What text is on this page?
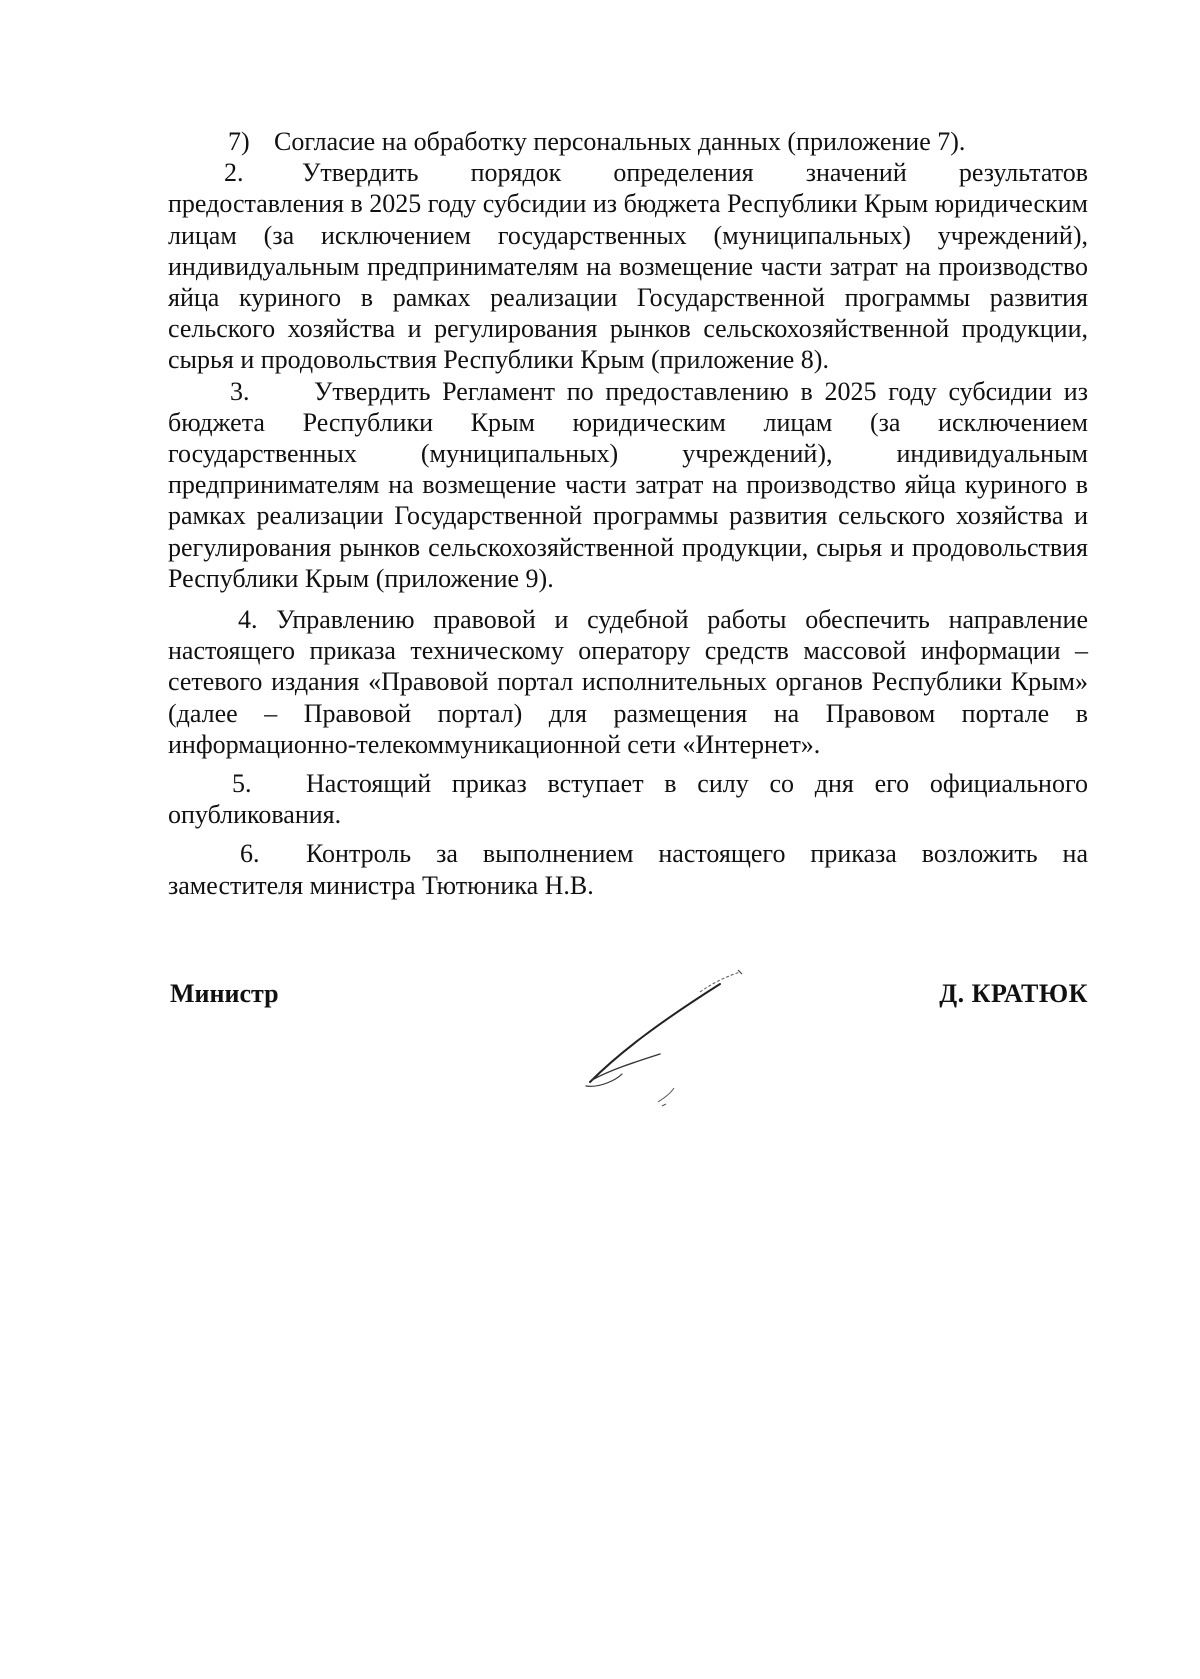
7) Согласие на обработку персональных данных (приложение 7).

2. Утвердить порядок определения значений результатов предоставления в 2025 году субсидии из бюджета Республики Крым юридическим лицам (за исключением государственных (муниципальных) учреждений), индивидуальным предпринимателям на возмещение части затрат на производство яйца куриного в рамках реализации Государственной программы развития сельского хозяйства и регулирования рынков сельскохозяйственной продукции, сырья и продовольствия Республики Крым (приложение 8).

3. Утвердить Регламент по предоставлению в 2025 году субсидии из бюджета Республики Крым юридическим лицам (за исключением государственных (муниципальных) учреждений), индивидуальным предпринимателям на возмещение части затрат на производство яйца куриного в рамках реализации Государственной программы развития сельского хозяйства и регулирования рынков сельскохозяйственной продукции, сырья и продовольствия Республики Крым (приложение 9).

4. Управлению правовой и судебной работы обеспечить направление настоящего приказа техническому оператору средств массовой информации – сетевого издания «Правовой портал исполнительных органов Республики Крым» (далее – Правовой портал) для размещения на Правовом портале в информационно-телекоммуникационной сети «Интернет».

5. Настоящий приказ вступает в силу со дня его официального опубликования.

6. Контроль за выполнением настоящего приказа возложить на заместителя министра Тютюника Н.В.

Министр	Д. КРАТЮК
